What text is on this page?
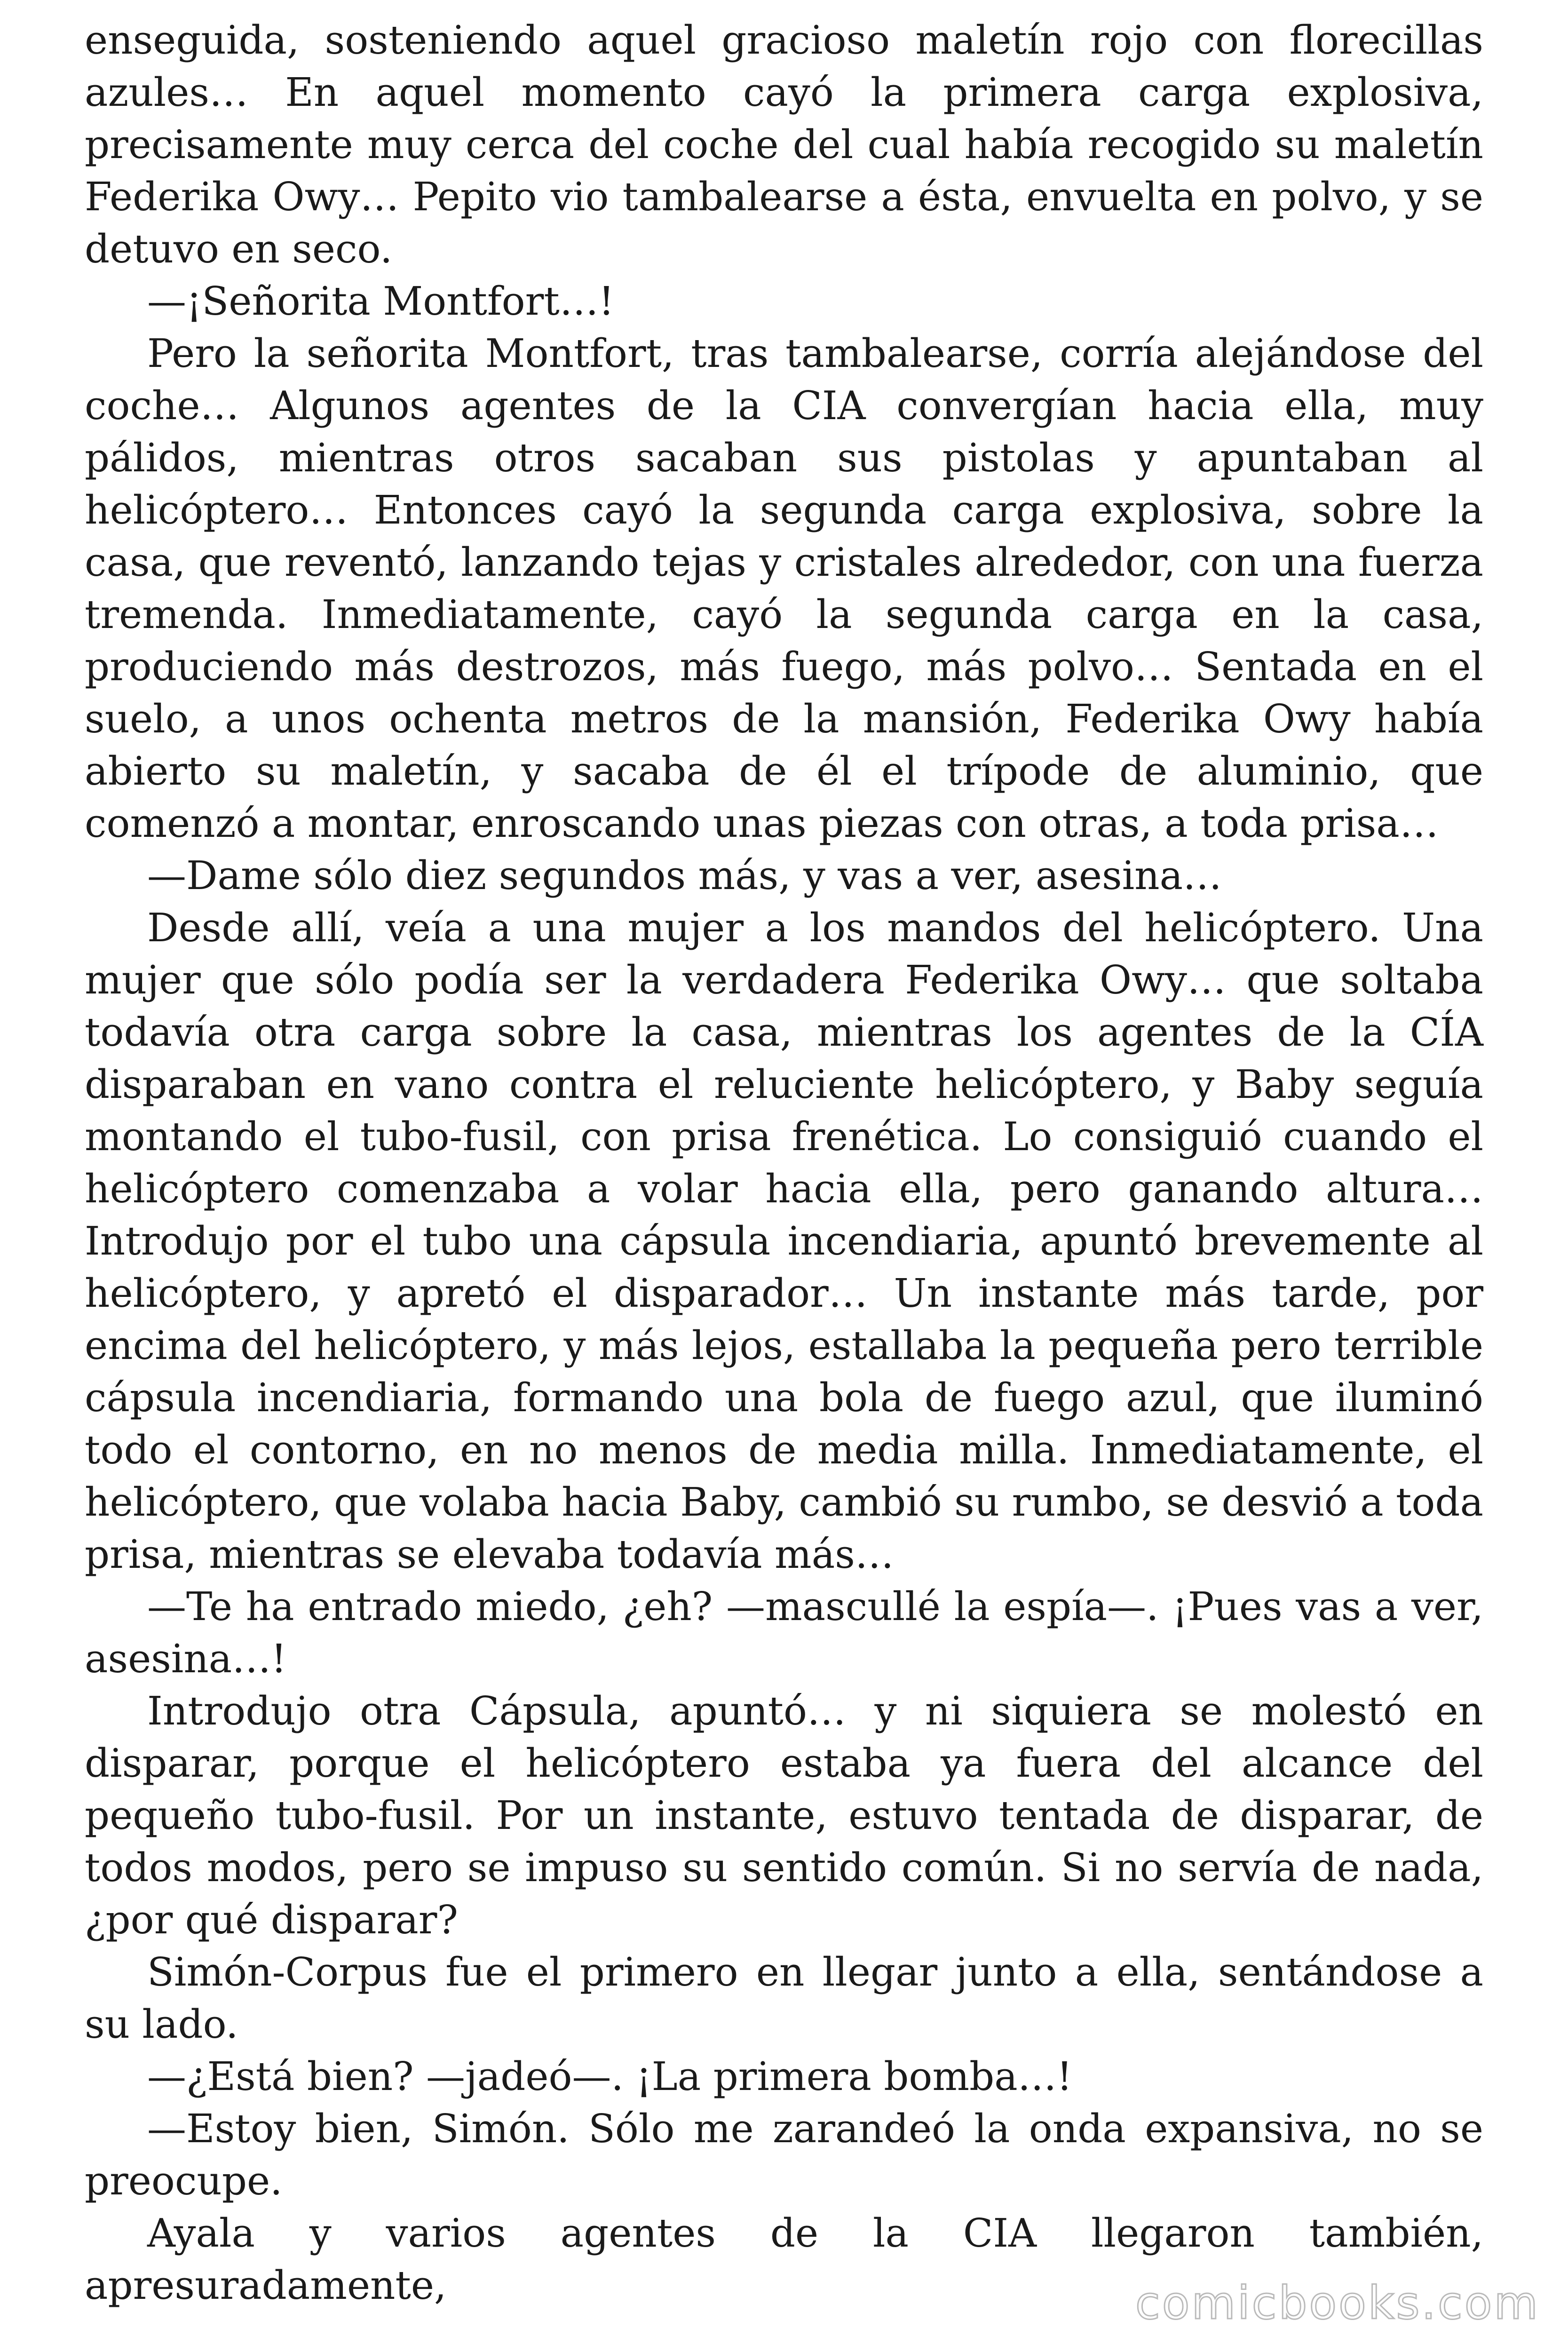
enseguida, sosteniendo aquel gracioso maletín rojo con florecillas azules… En aquel momento cayó la primera carga explosiva, precisamente muy cerca del coche del cual había recogido su maletín Federika Owy… Pepito vio tambalearse a ésta, envuelta en polvo, y se detuvo en seco.

—¡Señorita Montfort…!

Pero la señorita Montfort, tras tambalearse, corría alejándose del coche… Algunos agentes de la CIA convergían hacia ella, muy pálidos, mientras otros sacaban sus pistolas y apuntaban al helicóptero… Entonces cayó la segunda carga explosiva, sobre la casa, que reventó, lanzando tejas y cristales alrededor, con una fuerza tremenda. Inmediatamente, cayó la segunda carga en la casa, produciendo más destrozos, más fuego, más polvo… Sentada en el suelo, a unos ochenta metros de la mansión, Federika Owy había abierto su maletín, y sacaba de él el trípode de aluminio, que comenzó a montar, enroscando unas piezas con otras, a toda prisa…

—Dame sólo diez segundos más, y vas a ver, asesina…

Desde allí, veía a una mujer a los mandos del helicóptero. Una mujer que sólo podía ser la verdadera Federika Owy… que soltaba todavía otra carga sobre la casa, mientras los agentes de la CÍA disparaban en vano contra el reluciente helicóptero, y Baby seguía montando el tubo-fusil, con prisa frenética. Lo consiguió cuando el helicóptero comenzaba a volar hacia ella, pero ganando altura… Introdujo por el tubo una cápsula incendiaria, apuntó brevemente al helicóptero, y apretó el disparador… Un instante más tarde, por encima del helicóptero, y más lejos, estallaba la pequeña pero terrible cápsula incendiaria, formando una bola de fuego azul, que iluminó todo el contorno, en no menos de media milla. Inmediatamente, el helicóptero, que volaba hacia Baby, cambió su rumbo, se desvió a toda prisa, mientras se elevaba todavía más…

—Te ha entrado miedo, ¿eh? —mascullé la espía—. ¡Pues vas a ver, asesina…!

Introdujo otra Cápsula, apuntó… y ni siquiera se molestó en disparar, porque el helicóptero estaba ya fuera del alcance del pequeño tubo-fusil. Por un instante, estuvo tentada de disparar, de todos modos, pero se impuso su sentido común. Si no servía de nada, ¿por qué disparar?

Simón-Corpus fue el primero en llegar junto a ella, sentándose a su lado.

—¿Está bien? —jadeó—. ¡La primera bomba…!

—Estoy bien, Simón. Sólo me zarandeó la onda expansiva, no se preocupe.

Ayala y varios agentes de la CIA llegaron también, apresuradamente,	comicbooks.com
